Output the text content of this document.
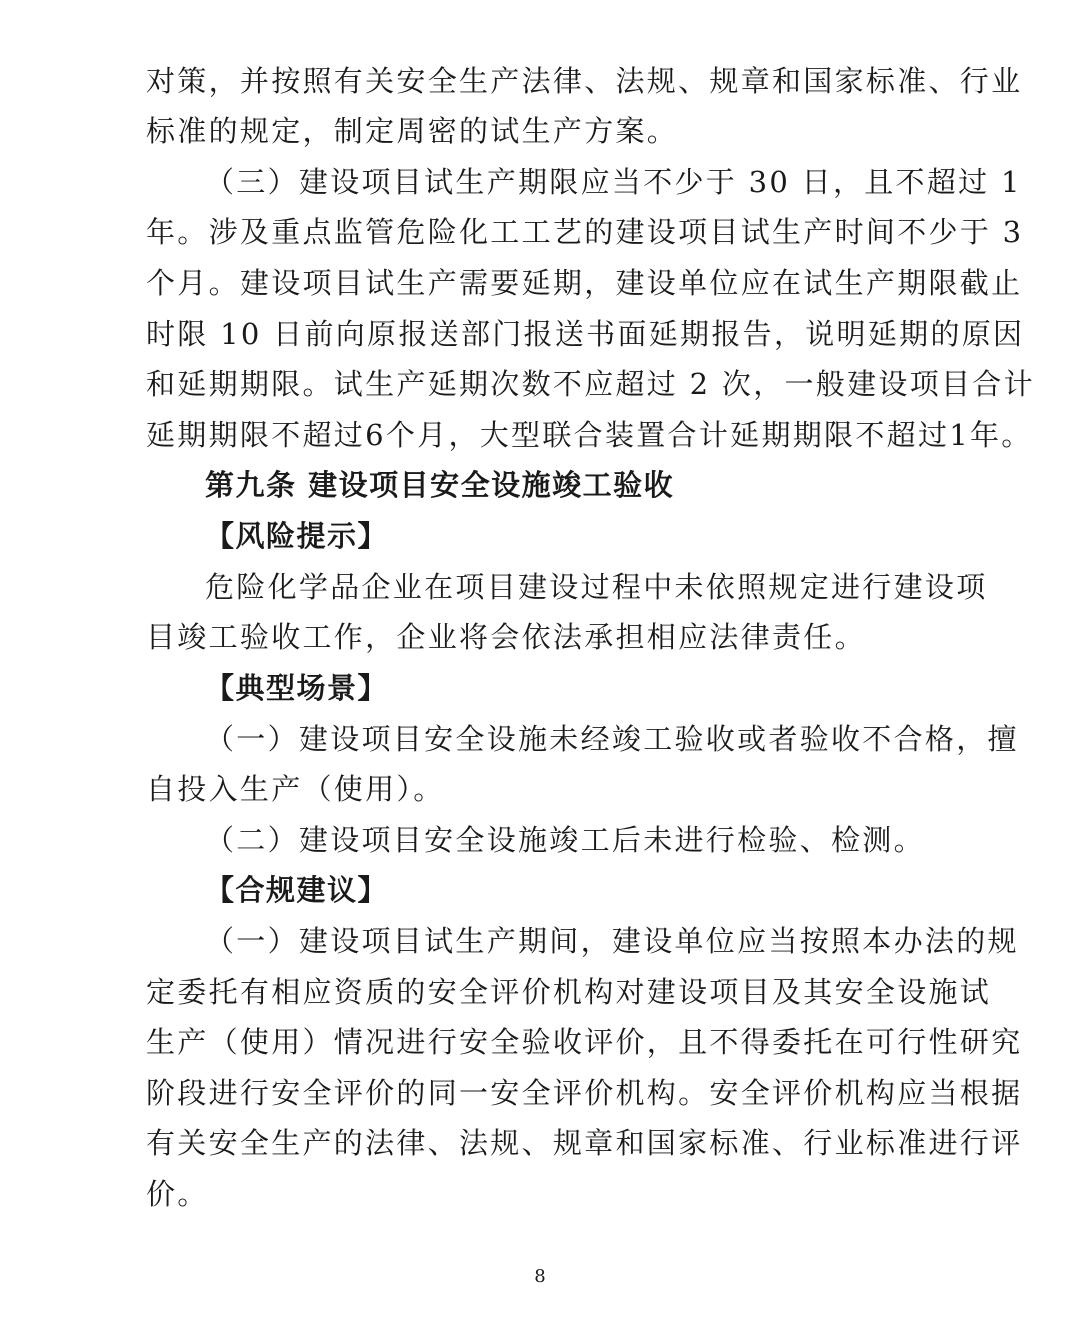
对策，并按照有关安全生产法律、法规、规章和国家标准、行业
标准的规定，制定周密的试生产方案。
（三）建设项目试生产期限应当不少于 30 日，且不超过 1
年。涉及重点监管危险化工工艺的建设项目试生产时间不少于 3
个月。建设项目试生产需要延期，建设单位应在试生产期限截止
时限 10 日前向原报送部门报送书面延期报告，说明延期的原因
和延期期限。试生产延期次数不应超过 2 次，一般建设项目合计
延期期限不超过6个月，大型联合装置合计延期期限不超过1年。
第九条 建设项目安全设施竣工验收
【风险提示】
危险化学品企业在项目建设过程中未依照规定进行建设项
目竣工验收工作，企业将会依法承担相应法律责任。
【典型场景】
（一）建设项目安全设施未经竣工验收或者验收不合格，擅
自投入生产（使用）。
（二）建设项目安全设施竣工后未进行检验、检测。
【合规建议】
（一）建设项目试生产期间，建设单位应当按照本办法的规
定委托有相应资质的安全评价机构对建设项目及其安全设施试
生产（使用）情况进行安全验收评价，且不得委托在可行性研究
阶段进行安全评价的同一安全评价机构。安全评价机构应当根据
有关安全生产的法律、法规、规章和国家标准、行业标准进行评
价。
8
